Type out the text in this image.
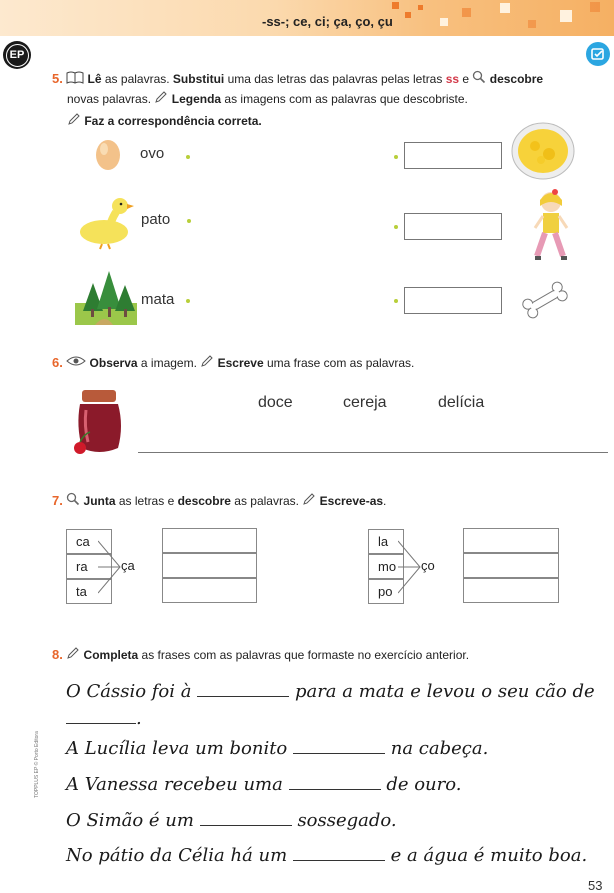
-ss-; ce, ci; ça, ço, çu
EP
5. Lê as palavras. Substitui uma das letras das palavras pelas letras ss e  descobre
novas palavras.  Legenda as imagens com as palavras que descobriste.
Faz a correspondência correta.
ovo
pato
mata
6. Observa a imagem.  Escreve uma frase com as palavras.
doce	cereja	delícia
7. Junta as letras e descobre as palavras.  Escreve-as.
ca
ra
ta
ça
la
mo
po
ço
8. Completa as frases com as palavras que formaste no exercício anterior.
O Cássio foi à	para a mata e levou o seu cão de
.
A Lucília leva um bonito	na cabeça.
A Vanessa recebeu uma	de ouro.
O Simão é um	sossegado.
No pátio da Célia há um	e a água é muito boa.
TOPPLUS EP © Porto Editora
53
